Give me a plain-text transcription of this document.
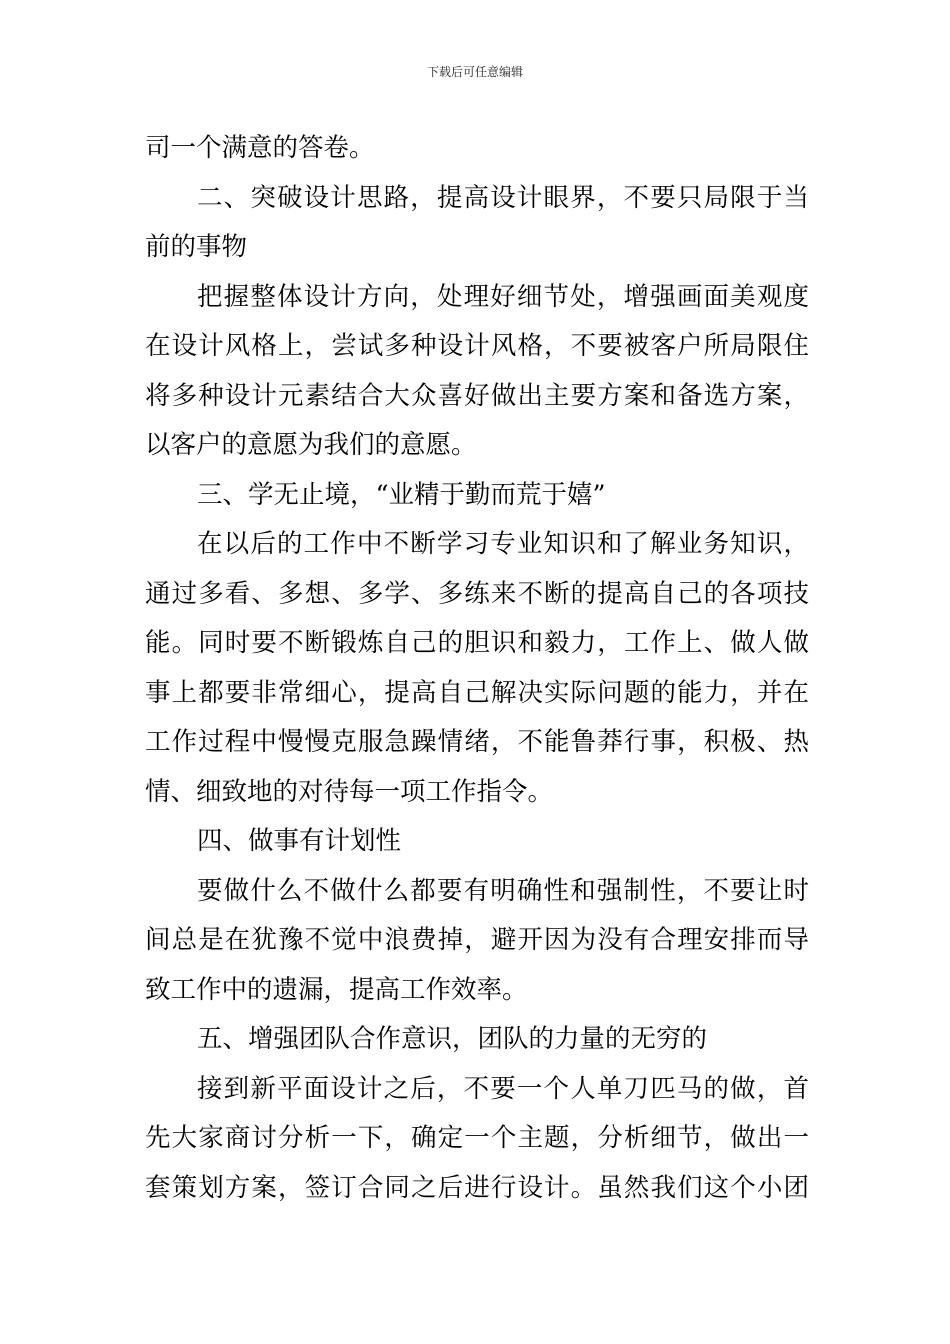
下载后可任意编辑
司一个满意的答卷。
二、突破设计思路，提高设计眼界，不要只局限于当
前的事物
把握整体设计方向，处理好细节处，增强画面美观度
在设计风格上，尝试多种设计风格，不要被客户所局限住
将多种设计元素结合大众喜好做出主要方案和备选方案，
以客户的意愿为我们的意愿。
三、学无止境，“业精于勤而荒于嬉”
在以后的工作中不断学习专业知识和了解业务知识，
通过多看、多想、多学、多练来不断的提高自己的各项技
能。同时要不断锻炼自己的胆识和毅力，工作上、做人做
事上都要非常细心，提高自己解决实际问题的能力，并在
工作过程中慢慢克服急躁情绪，不能鲁莽行事，积极、热
情、细致地的对待每一项工作指令。
四、做事有计划性
要做什么不做什么都要有明确性和强制性，不要让时
间总是在犹豫不觉中浪费掉，避开因为没有合理安排而导
致工作中的遗漏，提高工作效率。
五、增强团队合作意识，团队的力量的无穷的
接到新平面设计之后，不要一个人单刀匹马的做，首
先大家商讨分析一下，确定一个主题，分析细节，做出一
套策划方案，签订合同之后进行设计。虽然我们这个小团
